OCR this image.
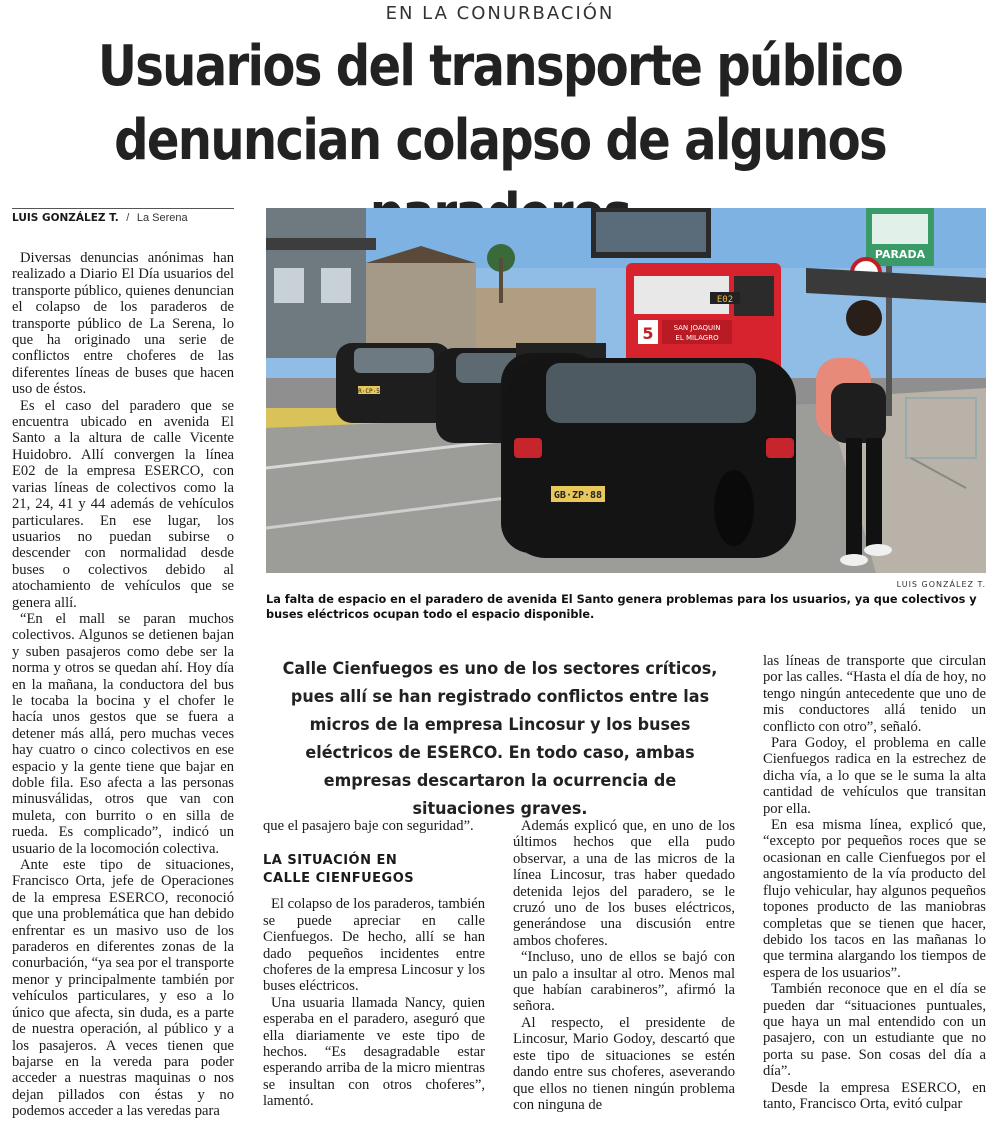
EN LA CONURBACIÓN
Usuarios del transporte público
denuncian colapso de algunos
LUIS GONZÁLEZ T. / La Serena

Diversas denuncias anónimas han realizado a Diario El Día usuarios del transporte público, quienes denuncian el colapso de los paraderos de transporte público de La Serena, lo que ha originado una serie de conflictos entre choferes de las diferentes líneas de buses que hacen uso de éstos.

Es el caso del paradero que se encuentra ubicado en avenida El Santo a la altura de calle Vicente Huidobro. Allí convergen la línea E02 de la empresa ESERCO, con varias líneas de colectivos como la 21, 24, 41 y 44 además de vehículos particulares. En ese lugar, los usuarios no puedan subirse o descender con normalidad desde buses o colectivos debido al atochamiento de vehículos que se genera allí.

“En el mall se paran muchos colectivos. Algunos se detienen bajan y suben pasajeros como debe ser la norma y otros se quedan ahí. Hoy día en la mañana, la conductora del bus le tocaba la bocina y el chofer le hacía unos gestos que se fuera a detener más allá, pero muchas veces hay cuatro o cinco colectivos en ese espacio y la gente tiene que bajar en doble fila. Eso afecta a las personas minusválidas, otros que van con muleta, con burrito o en silla de rueda. Es complicado”, indicó un usuario de la locomoción colectiva.

Ante este tipo de situaciones, Francisco Orta, jefe de Operaciones de la empresa ESERCO, reconoció que una problemática que han debido enfrentar es un masivo uso de los paraderos en diferentes zonas de la conurbación, “ya sea por el transporte menor y principalmente también por vehículos particulares, y eso a lo único que afecta, sin duda, es a parte de nuestra operación, al público y a los pasajeros. A veces tienen que bajarse en la vereda para poder acceder a nuestras maquinas o nos dejan pillados con éstas y no podemos acceder a las veredas para

5
E02
SAN JOAQUIN
EL MILAGRO
PARADA
GR·CP·53
GB·ZP·88
LUIS GONZÁLEZ T.
La falta de espacio en el paradero de avenida El Santo genera problemas para los usuarios, ya que colectivos y buses eléctricos ocupan todo el espacio disponible.
Calle Cienfuegos es uno de los sectores críticos, pues allí se han registrado conflictos entre las micros de la empresa Lincosur y los buses eléctricos de ESERCO. En todo caso, ambas empresas descartaron la ocurrencia de situaciones graves.

que el pasajero baje con seguridad”.

LA SITUACIÓN EN
CALLE CIENFUEGOS

El colapso de los paraderos, también se puede apreciar en calle Cienfuegos. De hecho, allí se han dado pequeños incidentes entre choferes de la empresa Lincosur y los buses eléctricos.

Una usuaria llamada Nancy, quien esperaba en el paradero, aseguró que ella diariamente ve este tipo de hechos. “Es desagradable estar esperando arriba de la micro mientras se insultan con otros choferes”, lamentó.

Además explicó que, en uno de los últimos hechos que ella pudo observar, a una de las micros de la línea Lincosur, tras haber quedado detenida lejos del paradero, se le cruzó uno de los buses eléctricos, generándose una discusión entre ambos choferes.

“Incluso, uno de ellos se bajó con un palo a insultar al otro. Menos mal que habían carabineros”, afirmó la señora.

Al respecto, el presidente de Lincosur, Mario Godoy, descartó que este tipo de situaciones se estén dando entre sus choferes, aseverando que ellos no tienen ningún problema con ninguna de

las líneas de transporte que circulan por las calles. “Hasta el día de hoy, no tengo ningún antecedente que uno de mis conductores allá tenido un conflicto con otro”, señaló.

Para Godoy, el problema en calle Cienfuegos radica en la estrechez de dicha vía, a lo que se le suma la alta cantidad de vehículos que transitan por ella.

En esa misma línea, explicó que, “excepto por pequeños roces que se ocasionan en calle Cienfuegos por el angostamiento de la vía producto del flujo vehicular, hay algunos pequeños topones producto de las maniobras completas que se tienen que hacer, debido los tacos en las mañanas lo que termina alargando los tiempos de espera de los usuarios”.

También reconoce que en el día se pueden dar “situaciones puntuales, que haya un mal entendido con un pasajero, con un estudiante que no porta su pase. Son cosas del día a día”.

Desde la empresa ESERCO, en tanto, Francisco Orta, evitó culpar
